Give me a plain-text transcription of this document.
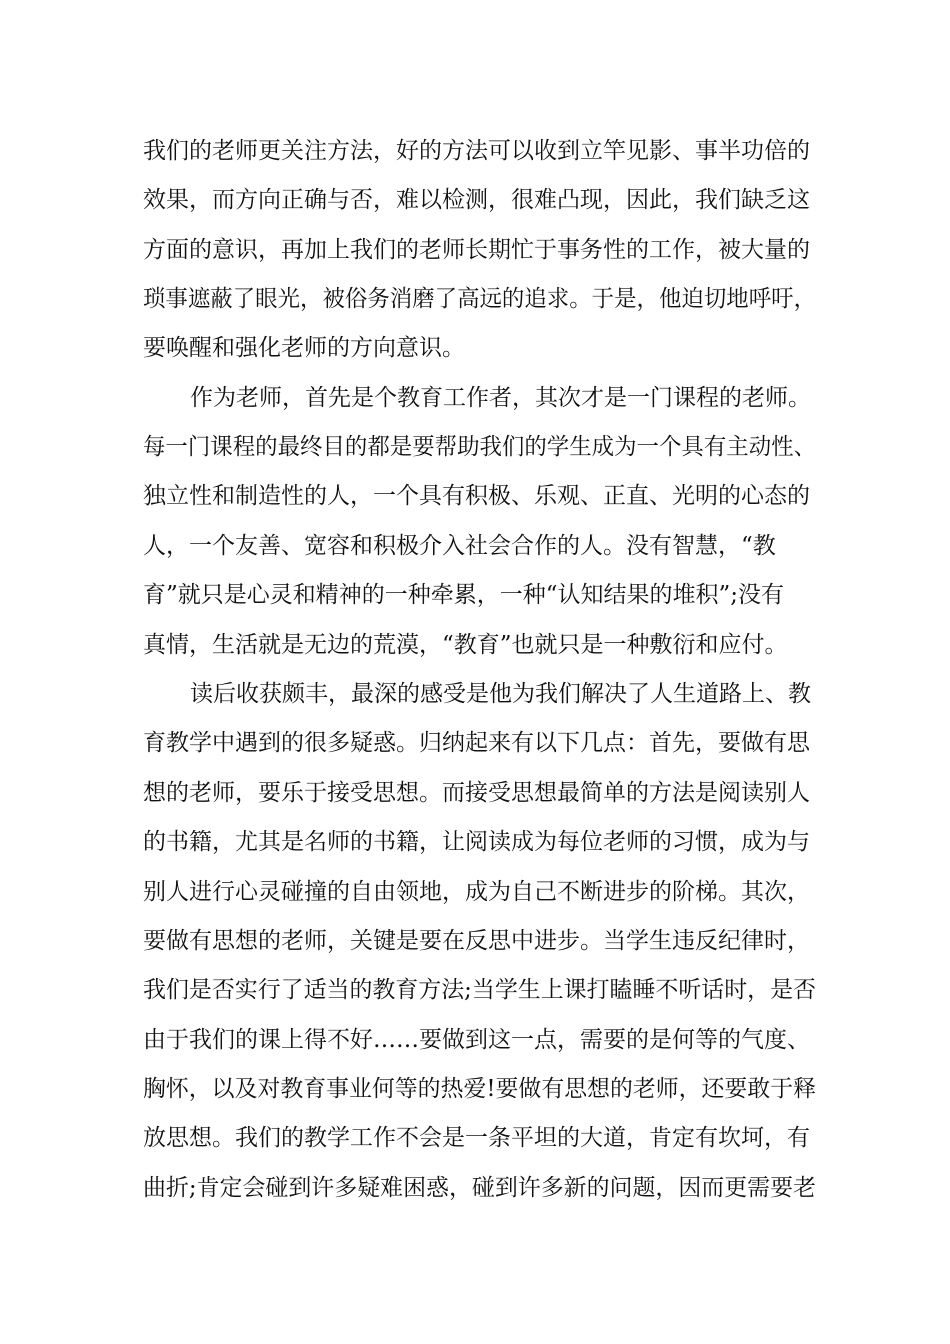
我们的老师更关注方法，好的方法可以收到立竿见影、事半功倍的
效果，而方向正确与否，难以检测，很难凸现，因此，我们缺乏这
方面的意识，再加上我们的老师长期忙于事务性的工作，被大量的
琐事遮蔽了眼光，被俗务消磨了高远的追求。于是，他迫切地呼吁，
要唤醒和强化老师的方向意识。
作为老师，首先是个教育工作者，其次才是一门课程的老师。
每一门课程的最终目的都是要帮助我们的学生成为一个具有主动性、
独立性和制造性的人，一个具有积极、乐观、正直、光明的心态的
人，一个友善、宽容和积极介入社会合作的人。没有智慧，“教
育”就只是心灵和精神的一种牵累，一种“认知结果的堆积”;没有
真情，生活就是无边的荒漠，“教育”也就只是一种敷衍和应付。
读后收获颇丰，最深的感受是他为我们解决了人生道路上、教
育教学中遇到的很多疑惑。归纳起来有以下几点：首先，要做有思
想的老师，要乐于接受思想。而接受思想最简单的方法是阅读别人
的书籍，尤其是名师的书籍，让阅读成为每位老师的习惯，成为与
别人进行心灵碰撞的自由领地，成为自己不断进步的阶梯。其次，
要做有思想的老师，关键是要在反思中进步。当学生违反纪律时，
我们是否实行了适当的教育方法;当学生上课打瞌睡不听话时，是否
由于我们的课上得不好……要做到这一点，需要的是何等的气度、
胸怀，以及对教育事业何等的热爱!要做有思想的老师，还要敢于释
放思想。我们的教学工作不会是一条平坦的大道，肯定有坎坷，有
曲折;肯定会碰到许多疑难困惑，碰到许多新的问题，因而更需要老
